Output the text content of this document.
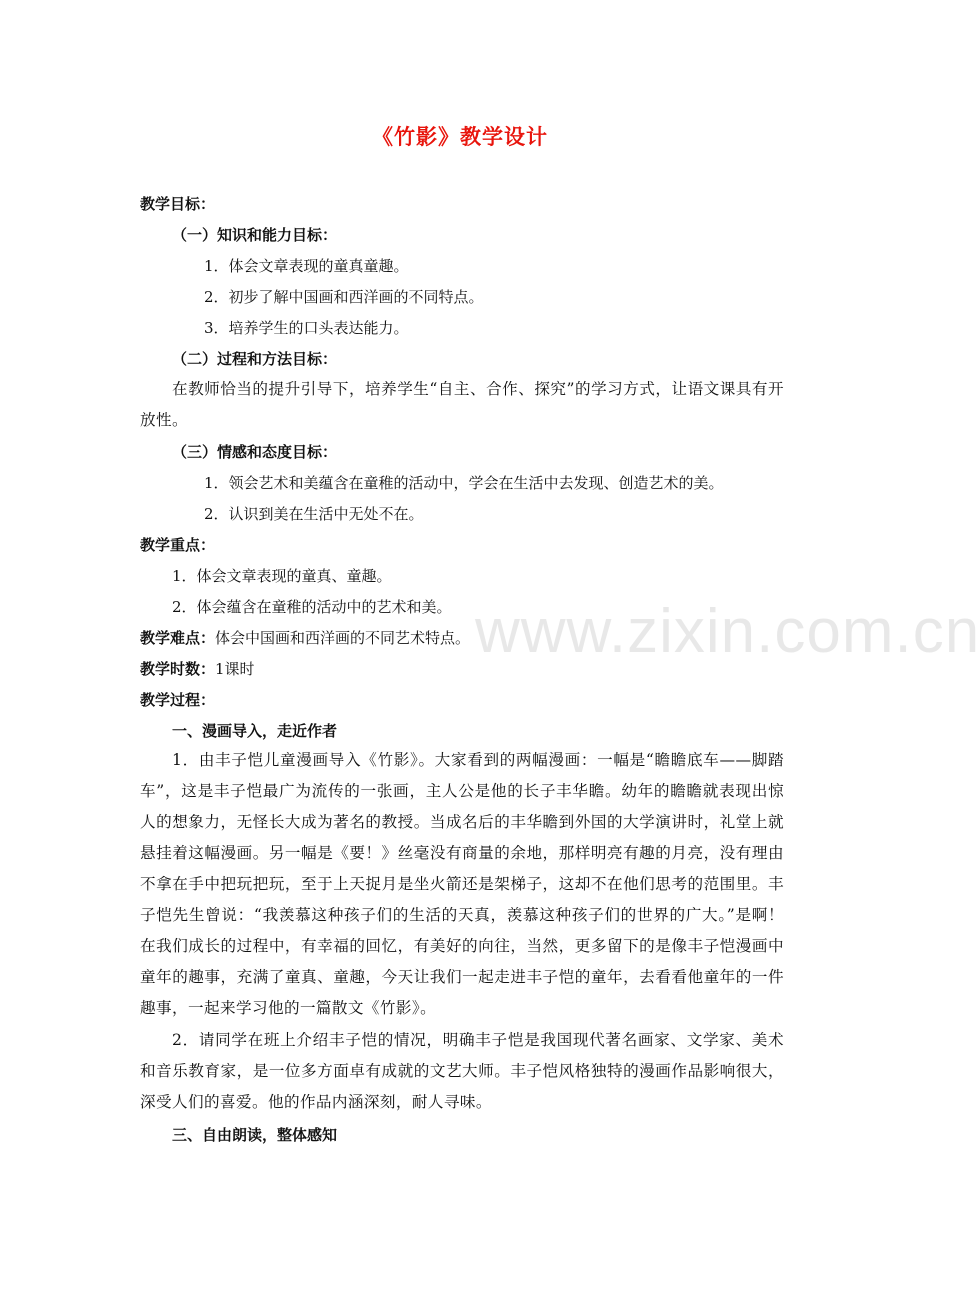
《竹影》教学设计
教学目标：
（一）知识和能力目标：
1．体会文章表现的童真童趣。
2．初步了解中国画和西洋画的不同特点。
3．培养学生的口头表达能力。
（二）过程和方法目标：
在教师恰当的提升引导下，培养学生“自主、合作、探究”的学习方式，让语文课具有开放性。
（三）情感和态度目标：
1．领会艺术和美蕴含在童稚的活动中，学会在生活中去发现、创造艺术的美。
2．认识到美在生活中无处不在。
教学重点：
1．体会文章表现的童真、童趣。
2．体会蕴含在童稚的活动中的艺术和美。
教学难点：体会中国画和西洋画的不同艺术特点。
教学时数：1课时
教学过程：
一、漫画导入，走近作者
1．由丰子恺儿童漫画导入《竹影》。大家看到的两幅漫画：一幅是“瞻瞻底车——脚踏车”，这是丰子恺最广为流传的一张画，主人公是他的长子丰华瞻。幼年的瞻瞻就表现出惊人的想象力，无怪长大成为著名的教授。当成名后的丰华瞻到外国的大学演讲时，礼堂上就悬挂着这幅漫画。另一幅是《要！》丝毫没有商量的余地，那样明亮有趣的月亮，没有理由不拿在手中把玩把玩，至于上天捉月是坐火箭还是架梯子，这却不在他们思考的范围里。丰子恺先生曾说：“我羡慕这种孩子们的生活的天真，羡慕这种孩子们的世界的广大。”是啊！在我们成长的过程中，有幸福的回忆，有美好的向往，当然，更多留下的是像丰子恺漫画中童年的趣事，充满了童真、童趣，今天让我们一起走进丰子恺的童年，去看看他童年的一件趣事，一起来学习他的一篇散文《竹影》。
2．请同学在班上介绍丰子恺的情况，明确丰子恺是我国现代著名画家、文学家、美术和音乐教育家，是一位多方面卓有成就的文艺大师。丰子恺风格独特的漫画作品影响很大，深受人们的喜爱。他的作品内涵深刻，耐人寻味。
三、自由朗读，整体感知
www.zixin.com.cn
